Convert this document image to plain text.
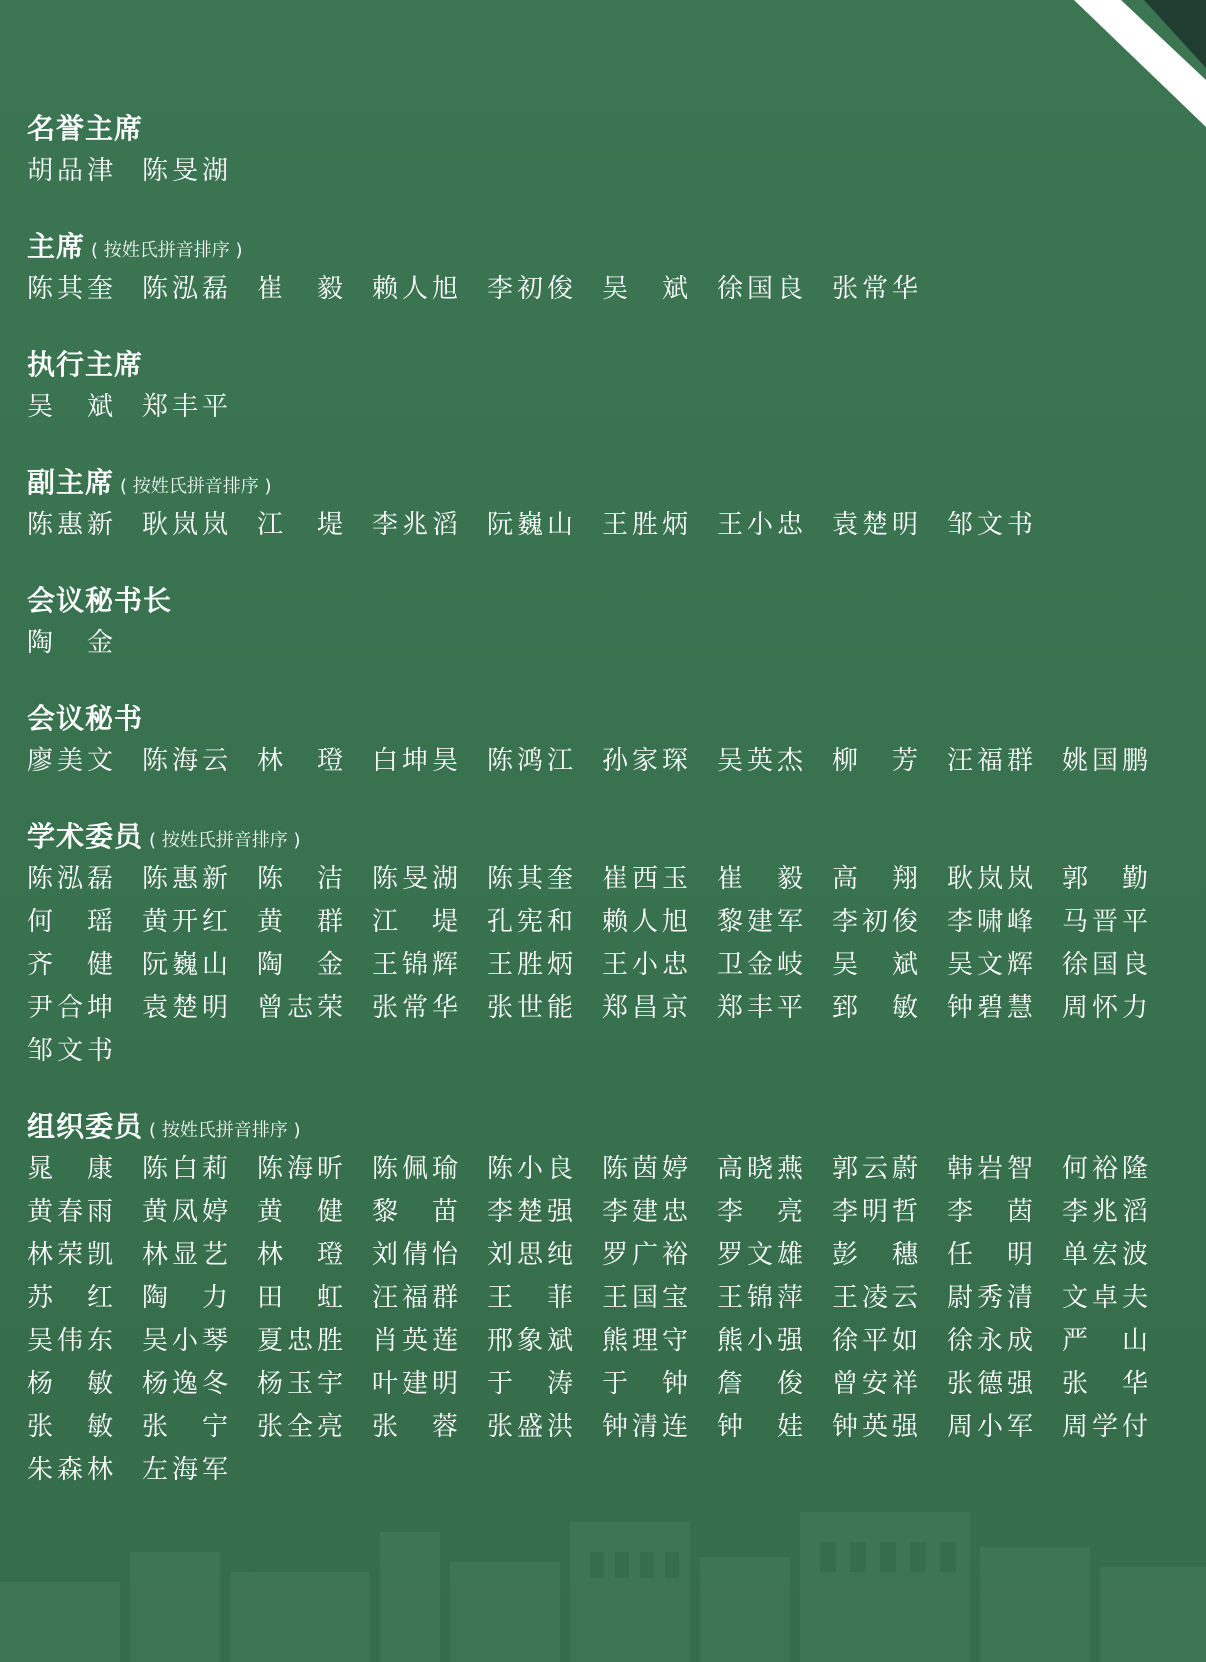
名誉主席
胡品津 陈旻湖
主席 ( 按姓氏拼音排序 )
陈其奎 陈泓磊 崔　毅 赖人旭 李初俊 吴　斌 徐国良 张常华
执行主席
吴　斌 郑丰平
副主席 ( 按姓氏拼音排序 )
陈惠新 耿岚岚 江　堤 李兆滔 阮巍山 王胜炳 王小忠 袁楚明 邹文书
会议秘书长
陶　金
会议秘书
廖美文 陈海云 林　璒 白坤昊 陈鸿江 孙家琛 吴英杰 柳　芳 汪福群 姚国鹏
学术委员 ( 按姓氏拼音排序 )
陈泓磊 陈惠新 陈　洁 陈旻湖 陈其奎 崔西玉 崔　毅 高　翔 耿岚岚 郭　勤
何　瑶 黄开红 黄　群 江　堤 孔宪和 赖人旭 黎建军 李初俊 李啸峰 马晋平
齐　健 阮巍山 陶　金 王锦辉 王胜炳 王小忠 卫金岐 吴　斌 吴文辉 徐国良
尹合坤 袁楚明 曾志荣 张常华 张世能 郑昌京 郑丰平 郅　敏 钟碧慧 周怀力
邹文书
组织委员 ( 按姓氏拼音排序 )
晁　康 陈白莉 陈海昕 陈佩瑜 陈小良 陈茵婷 高晓燕 郭云蔚 韩岩智 何裕隆
黄春雨 黄凤婷 黄　健 黎　苗 李楚强 李建忠 李　亮 李明哲 李　茵 李兆滔
林荣凯 林显艺 林　璒 刘倩怡 刘思纯 罗广裕 罗文雄 彭　穗 任　明 单宏波
苏　红 陶　力 田　虹 汪福群 王　菲 王国宝 王锦萍 王凌云 尉秀清 文卓夫
吴伟东 吴小琴 夏忠胜 肖英莲 邢象斌 熊理守 熊小强 徐平如 徐永成 严　山
杨　敏 杨逸冬 杨玉宇 叶建明 于　涛 于　钟 詹　俊 曾安祥 张德强 张　华
张　敏 张　宁 张全亮 张　蓉 张盛洪 钟清连 钟　娃 钟英强 周小军 周学付
朱森林 左海军
